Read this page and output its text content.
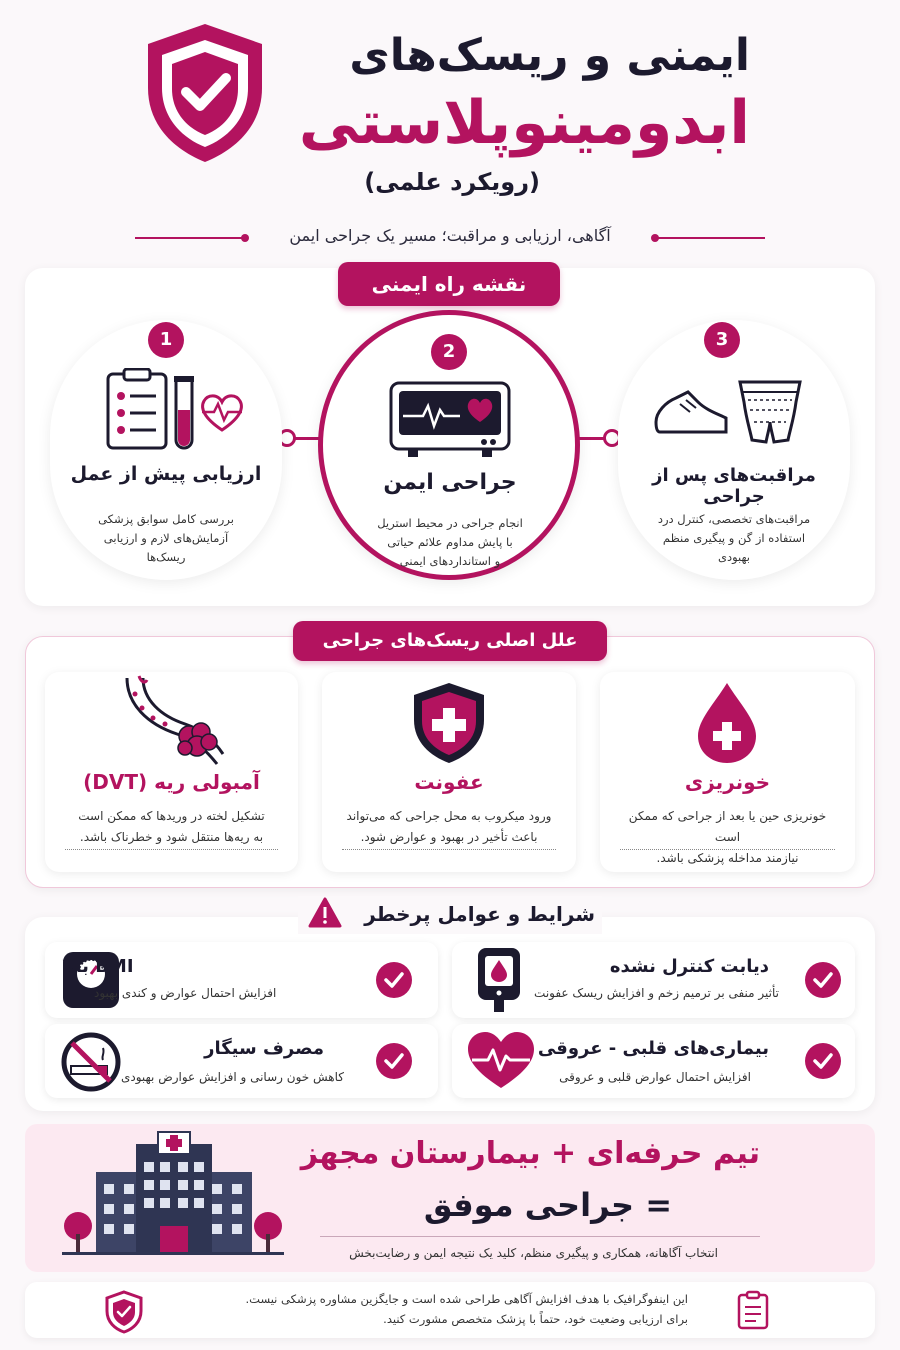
ایمنی و ریسک‌های
ابدومینوپلاستی
(رویکرد علمی)
آگاهی، ارزیابی و مراقبت؛ مسیر یک جراحی ایمن
نقشه راه ایمنی
1
ارزیابی پیش از عمل
بررسی کامل سوابق پزشکی
آزمایش‌های لازم و ارزیابی
ریسک‌ها
2
جراحی ایمن
انجام جراحی در محیط استریل
با پایش مداوم علائم حیاتی
و استانداردهای ایمنی
3
مراقبت‌های پس از جراحی
مراقبت‌های تخصصی، کنترل درد
استفاده از گن و پیگیری منظم
بهبودی
علل اصلی ریسک‌های جراحی
آمبولی ریه (DVT)
تشکیل لخته در وریدها که ممکن است
به ریه‌ها منتقل شود و خطرناک باشد.
عفونت
ورود میکروب به محل جراحی که می‌تواند
باعث تأخیر در بهبود و عوارض شود.
خونریزی
خونریزی حین یا بعد از جراحی که ممکن است
نیازمند مداخله پزشکی باشد.
شرایط و عوامل پرخطر
BMI بالا
افزایش احتمال عوارض و کندی بهبود
دیابت کنترل نشده
تأثیر منفی بر ترمیم زخم و افزایش ریسک عفونت
مصرف سیگار
کاهش خون رسانی و افزایش عوارض بهبودی
بیماری‌های قلبی - عروقی
افزایش احتمال عوارض قلبی و عروقی
تیم حرفه‌ای + بیمارستان مجهز
= جراحی موفق
انتخاب آگاهانه، همکاری و پیگیری منظم، کلید یک نتیجه ایمن و رضایت‌بخش
این اینفوگرافیک با هدف افزایش آگاهی طراحی شده است و جایگزین مشاوره پزشکی نیست.
برای ارزیابی وضعیت خود، حتماً با پزشک متخصص مشورت کنید.
